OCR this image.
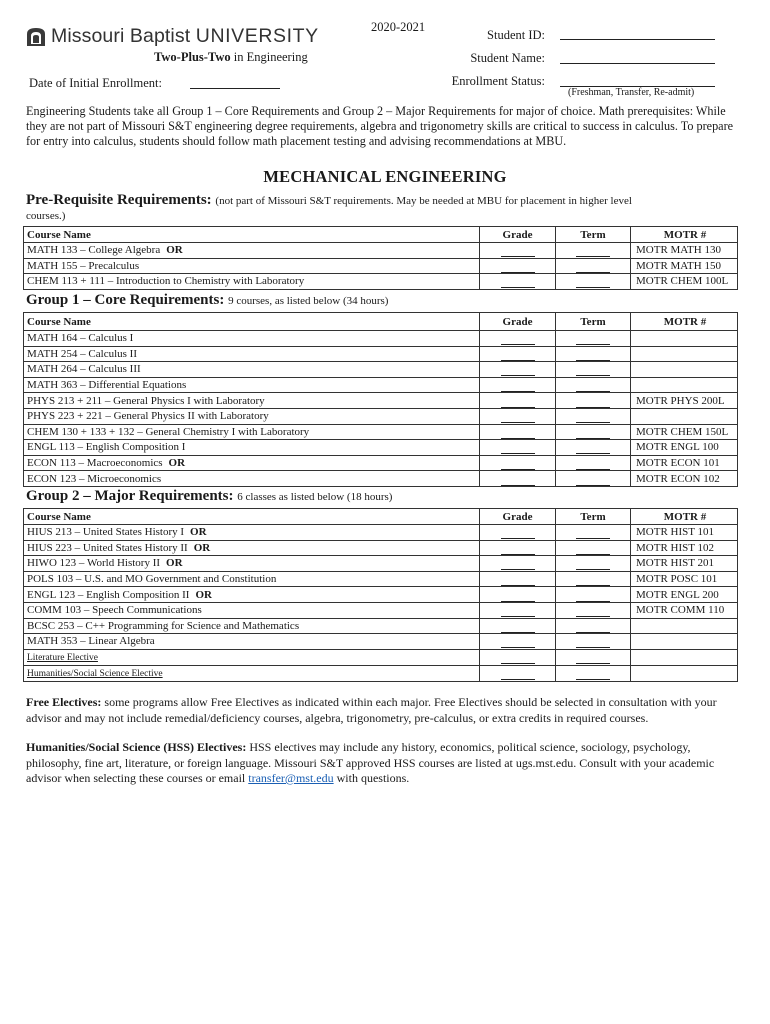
Missouri Baptist UNIVERSITY
Two-Plus-Two in Engineering
2020-2021
Student ID:
Student Name:
Enrollment Status:
(Freshman, Transfer, Re-admit)
Date of Initial Enrollment:
Engineering Students take all Group 1 – Core Requirements and Group 2 – Major Requirements for major of choice. Math prerequisites: While they are not part of Missouri S&T engineering degree requirements, algebra and trigonometry skills are critical to success in calculus. To prepare for entry into calculus, students should follow math placement testing and advising recommendations at MBU.
MECHANICAL ENGINEERING
Pre-Requisite Requirements: (not part of Missouri S&T requirements. May be needed at MBU for placement in higher level
courses.)
Course Name	Grade	Term	MOTR #
MATH 133 – College Algebra OR			MOTR MATH 130
MATH 155 – Precalculus			MOTR MATH 150
CHEM 113 + 111 – Introduction to Chemistry with Laboratory			MOTR CHEM 100L
Group 1 – Core Requirements: 9 courses, as listed below (34 hours)
Course Name	Grade	Term	MOTR #
MATH 164 – Calculus I			
MATH 254 – Calculus II			
MATH 264 – Calculus III			
MATH 363 – Differential Equations			
PHYS 213 + 211 – General Physics I with Laboratory			MOTR PHYS 200L
PHYS 223 + 221 – General Physics II with Laboratory			
CHEM 130 + 133 + 132 – General Chemistry I with Laboratory			MOTR CHEM 150L
ENGL 113 – English Composition I			MOTR ENGL 100
ECON 113 – Macroeconomics OR			MOTR ECON 101
ECON 123 – Microeconomics			MOTR ECON 102
Group 2 – Major Requirements: 6 classes as listed below (18 hours)
Course Name	Grade	Term	MOTR #
HIUS 213 – United States History I OR			MOTR HIST 101
HIUS 223 – United States History II OR			MOTR HIST 102
HIWO 123 – World History II OR			MOTR HIST 201
POLS 103 – U.S. and MO Government and Constitution			MOTR POSC 101
ENGL 123 – English Composition II OR			MOTR ENGL 200
COMM 103 – Speech Communications			MOTR COMM 110
BCSC 253 – C++ Programming for Science and Mathematics			
MATH 353 – Linear Algebra			
Literature Elective			
Humanities/Social Science Elective			
Free Electives: some programs allow Free Electives as indicated within each major. Free Electives should be selected in consultation with your advisor and may not include remedial/deficiency courses, algebra, trigonometry, pre-calculus, or extra credits in required courses.
Humanities/Social Science (HSS) Electives: HSS electives may include any history, economics, political science, sociology, psychology, philosophy, fine art, literature, or foreign language. Missouri S&T approved HSS courses are listed at ugs.mst.edu. Consult with your academic advisor when selecting these courses or email transfer@mst.edu with questions.
